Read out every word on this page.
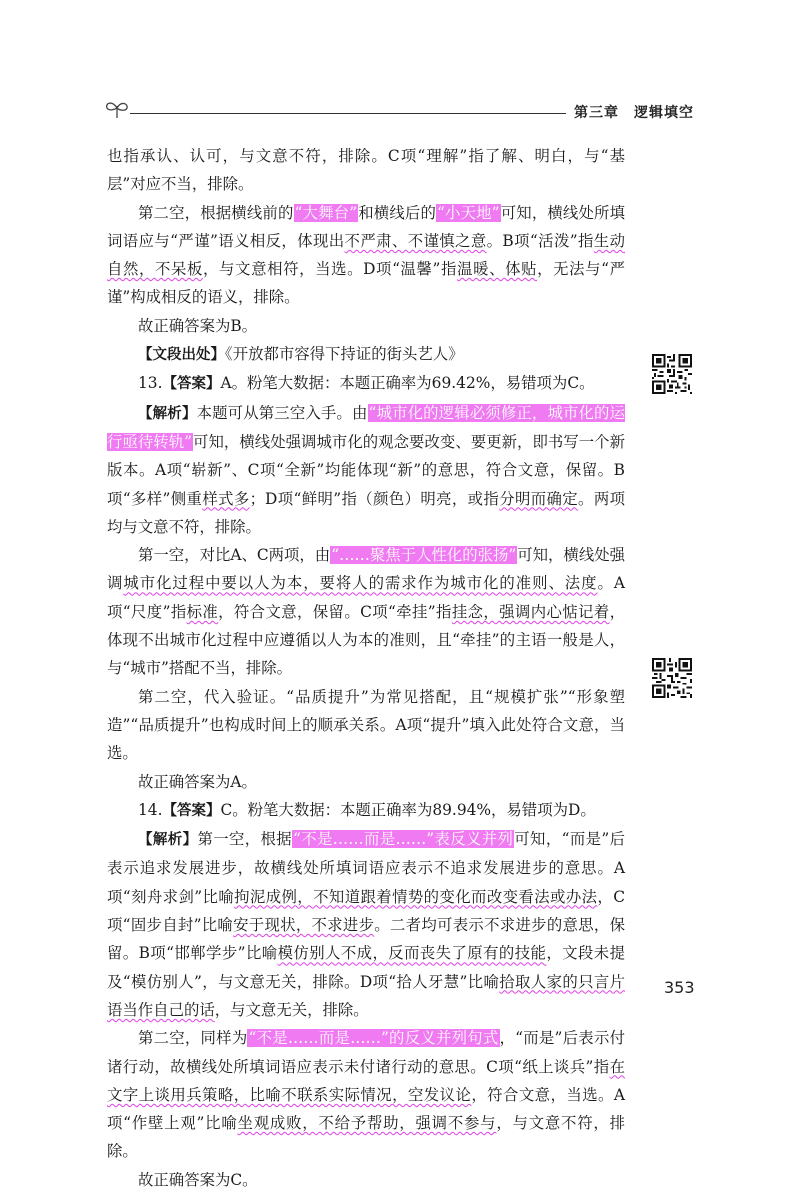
第三章　逻辑填空

也指承认、认可，与文意不符，排除。C项“理解”指了解、明白，与“基层”对应不当，排除。

第二空，根据横线前的“大舞台”和横线后的“小天地”可知，横线处所填词语应与“严谨”语义相反，体现出不严肃、不谨慎之意。B项“活泼”指生动自然，不呆板，与文意相符，当选。D项“温馨”指温暖、体贴，无法与“严谨”构成相反的语义，排除。

故正确答案为B。

【文段出处】《开放都市容得下持证的街头艺人》

13.【答案】A。粉笔大数据：本题正确率为69.42%，易错项为C。

【解析】本题可从第三空入手。由“城市化的逻辑必须修正，城市化的运行亟待转轨”可知，横线处强调城市化的观念要改变、要更新，即书写一个新版本。A项“崭新”、C项“全新”均能体现“新”的意思，符合文意，保留。B项“多样”侧重样式多；D项“鲜明”指（颜色）明亮，或指分明而确定。两项均与文意不符，排除。

第一空，对比A、C两项，由“……聚焦于人性化的张扬”可知，横线处强调城市化过程中要以人为本，要将人的需求作为城市化的准则、法度。A项“尺度”指标准，符合文意，保留。C项“牵挂”指挂念，强调内心惦记着，体现不出城市化过程中应遵循以人为本的准则，且“牵挂”的主语一般是人，与“城市”搭配不当，排除。

第二空，代入验证。“品质提升”为常见搭配，且“规模扩张”“形象塑造”“品质提升”也构成时间上的顺承关系。A项“提升”填入此处符合文意，当选。

故正确答案为A。

14.【答案】C。粉笔大数据：本题正确率为89.94%，易错项为D。

【解析】第一空，根据“不是……而是……”表反义并列可知，“而是”后表示追求发展进步，故横线处所填词语应表示不追求发展进步的意思。A项“刻舟求剑”比喻拘泥成例，不知道跟着情势的变化而改变看法或办法，C项“固步自封”比喻安于现状，不求进步。二者均可表示不求进步的意思，保留。B项“邯郸学步”比喻模仿别人不成，反而丧失了原有的技能，文段未提及“模仿别人”，与文意无关，排除。D项“拾人牙慧”比喻拾取人家的只言片语当作自己的话，与文意无关，排除。

第二空，同样为“不是……而是……”的反义并列句式，“而是”后表示付诸行动，故横线处所填词语应表示未付诸行动的意思。C项“纸上谈兵”指在文字上谈用兵策略，比喻不联系实际情况，空发议论，符合文意，当选。A项“作壁上观”比喻坐观成败，不给予帮助，强调不参与，与文意不符，排除。

故正确答案为C。

353
